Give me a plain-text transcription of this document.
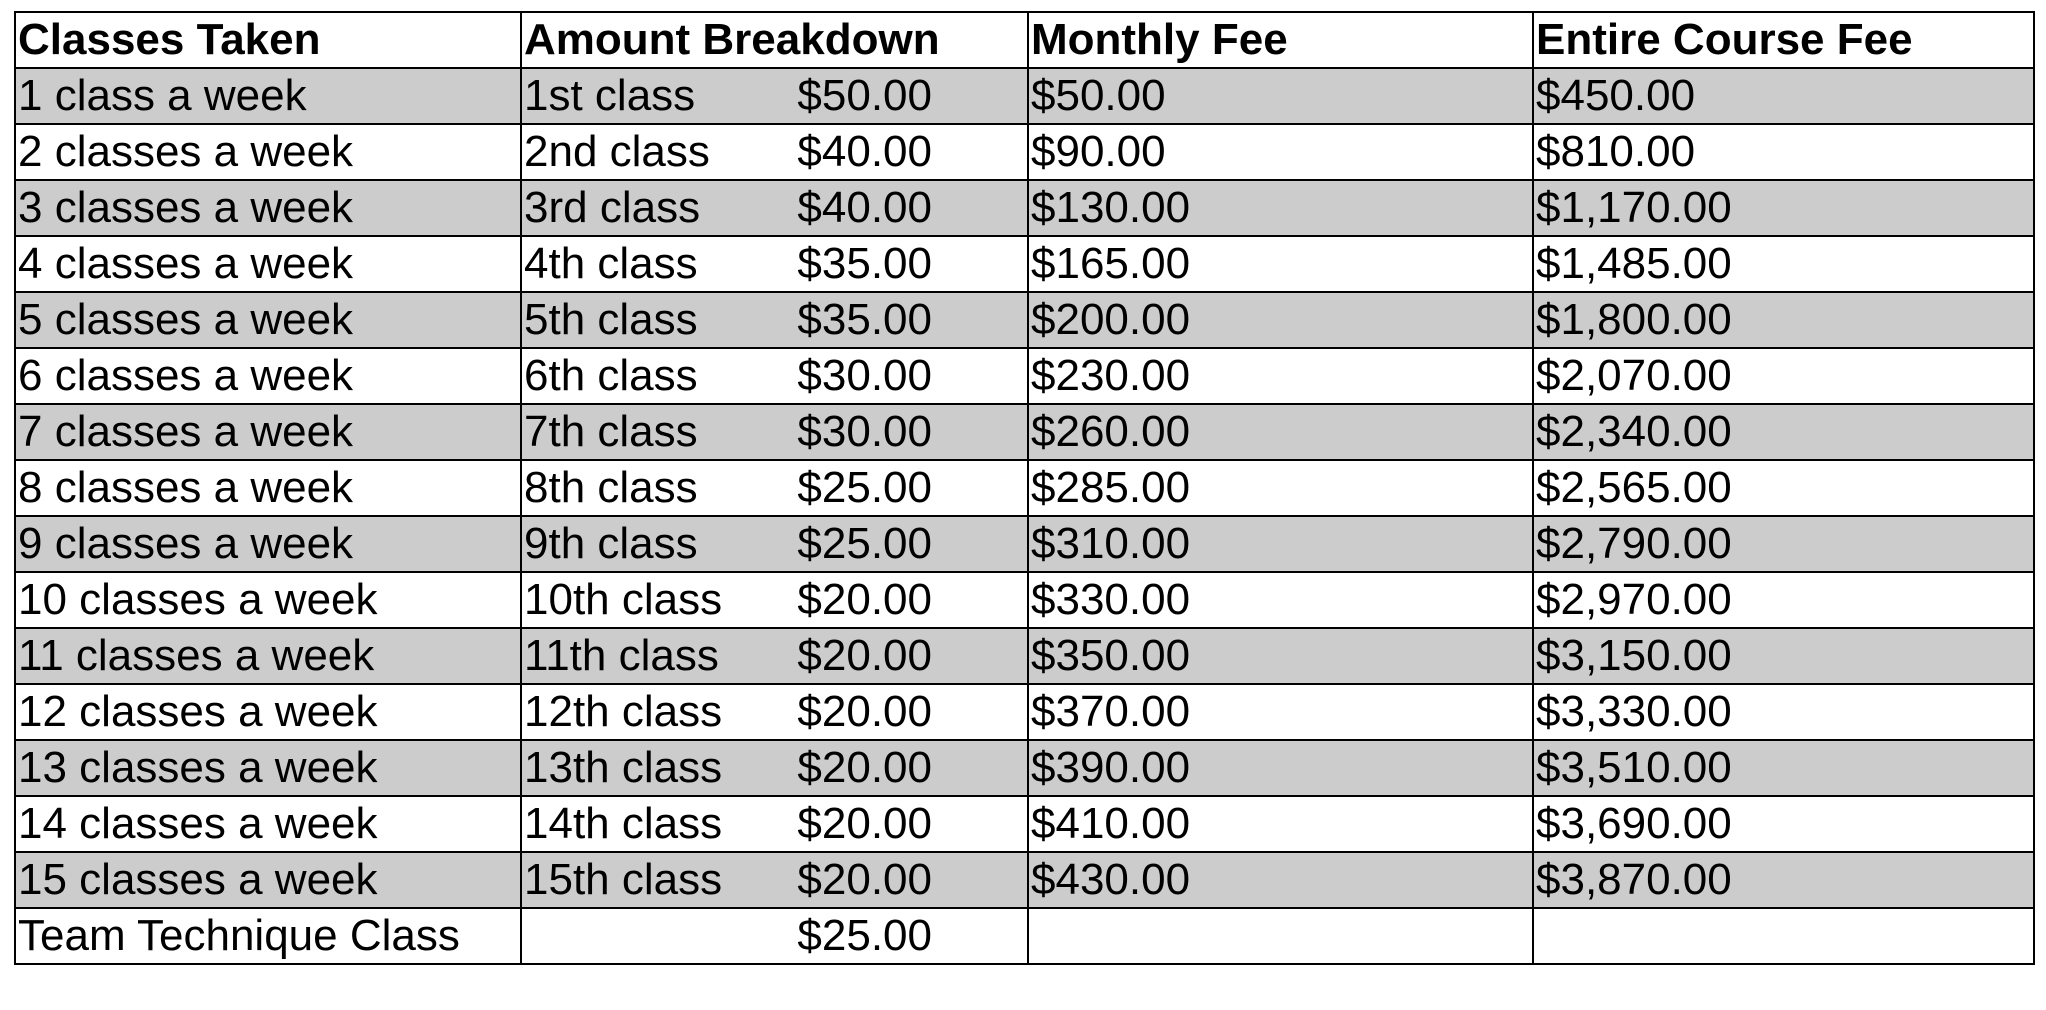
Classes Taken	Amount Breakdown	Monthly Fee	Entire Course Fee
1 class a week	1st class $50.00	$50.00	$450.00
2 classes a week	2nd class $40.00	$90.00	$810.00
3 classes a week	3rd class $40.00	$130.00	$1,170.00
4 classes a week	4th class $35.00	$165.00	$1,485.00
5 classes a week	5th class $35.00	$200.00	$1,800.00
6 classes a week	6th class $30.00	$230.00	$2,070.00
7 classes a week	7th class $30.00	$260.00	$2,340.00
8 classes a week	8th class $25.00	$285.00	$2,565.00
9 classes a week	9th class $25.00	$310.00	$2,790.00
10 classes a week	10th class $20.00	$330.00	$2,970.00
11 classes a week	11th class $20.00	$350.00	$3,150.00
12 classes a week	12th class $20.00	$370.00	$3,330.00
13 classes a week	13th class $20.00	$390.00	$3,510.00
14 classes a week	14th class $20.00	$410.00	$3,690.00
15 classes a week	15th class $20.00	$430.00	$3,870.00
Team Technique Class	$25.00		
